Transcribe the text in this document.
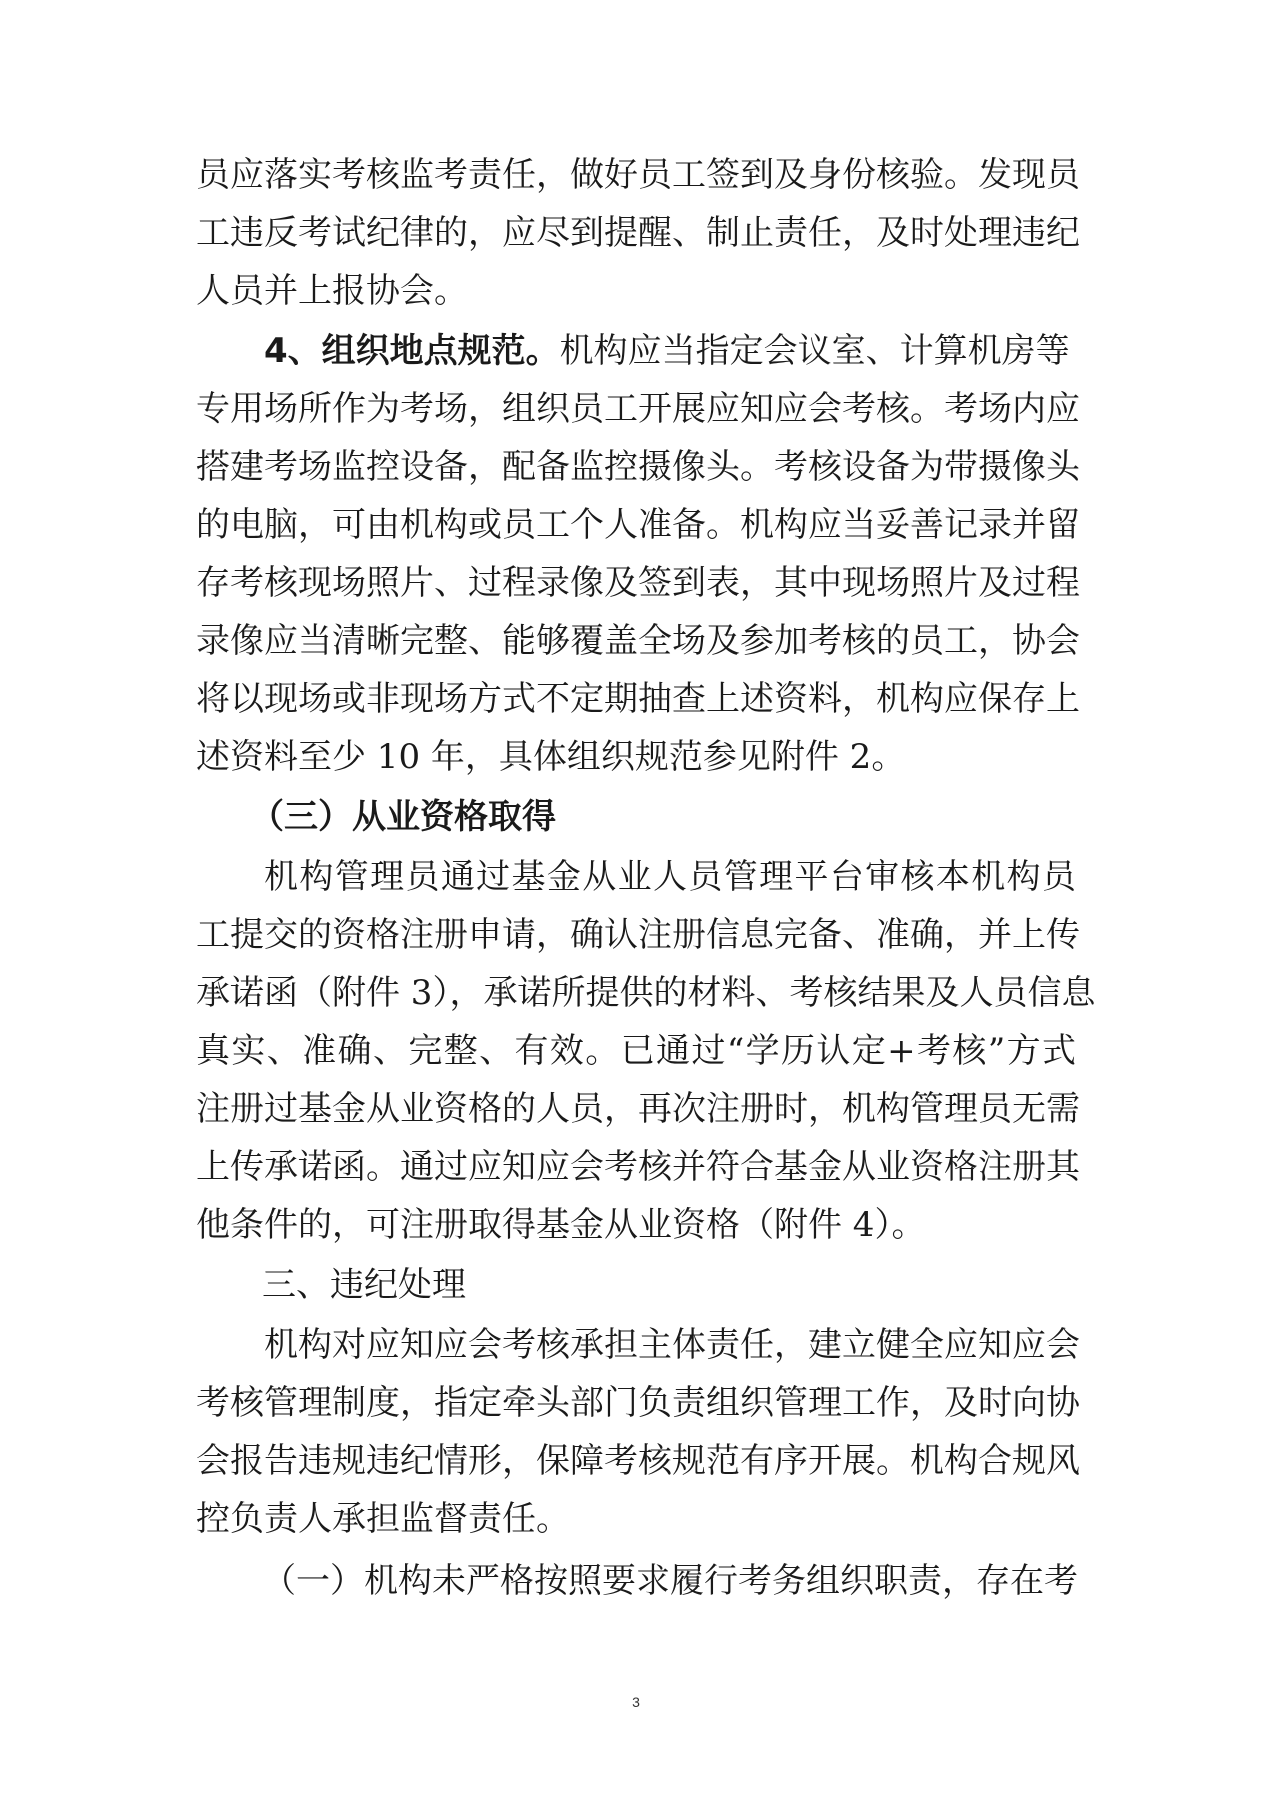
员应落实考核监考责任，做好员工签到及身份核验。发现员
工违反考试纪律的，应尽到提醒、制止责任，及时处理违纪
人员并上报协会。
4、组织地点规范。机构应当指定会议室、计算机房等
专用场所作为考场，组织员工开展应知应会考核。考场内应
搭建考场监控设备，配备监控摄像头。考核设备为带摄像头
的电脑，可由机构或员工个人准备。机构应当妥善记录并留
存考核现场照片、过程录像及签到表，其中现场照片及过程
录像应当清晰完整、能够覆盖全场及参加考核的员工，协会
将以现场或非现场方式不定期抽查上述资料，机构应保存上
述资料至少 10 年，具体组织规范参见附件 2。
（三）从业资格取得
机构管理员通过基金从业人员管理平台审核本机构员
工提交的资格注册申请，确认注册信息完备、准确，并上传
承诺函（附件 3），承诺所提供的材料、考核结果及人员信息
真实、准确、完整、有效。已通过“学历认定+考核”方式
注册过基金从业资格的人员，再次注册时，机构管理员无需
上传承诺函。通过应知应会考核并符合基金从业资格注册其
他条件的，可注册取得基金从业资格（附件 4）。
三、违纪处理
机构对应知应会考核承担主体责任，建立健全应知应会
考核管理制度，指定牵头部门负责组织管理工作，及时向协
会报告违规违纪情形，保障考核规范有序开展。机构合规风
控负责人承担监督责任。
（一）机构未严格按照要求履行考务组织职责，存在考
3
